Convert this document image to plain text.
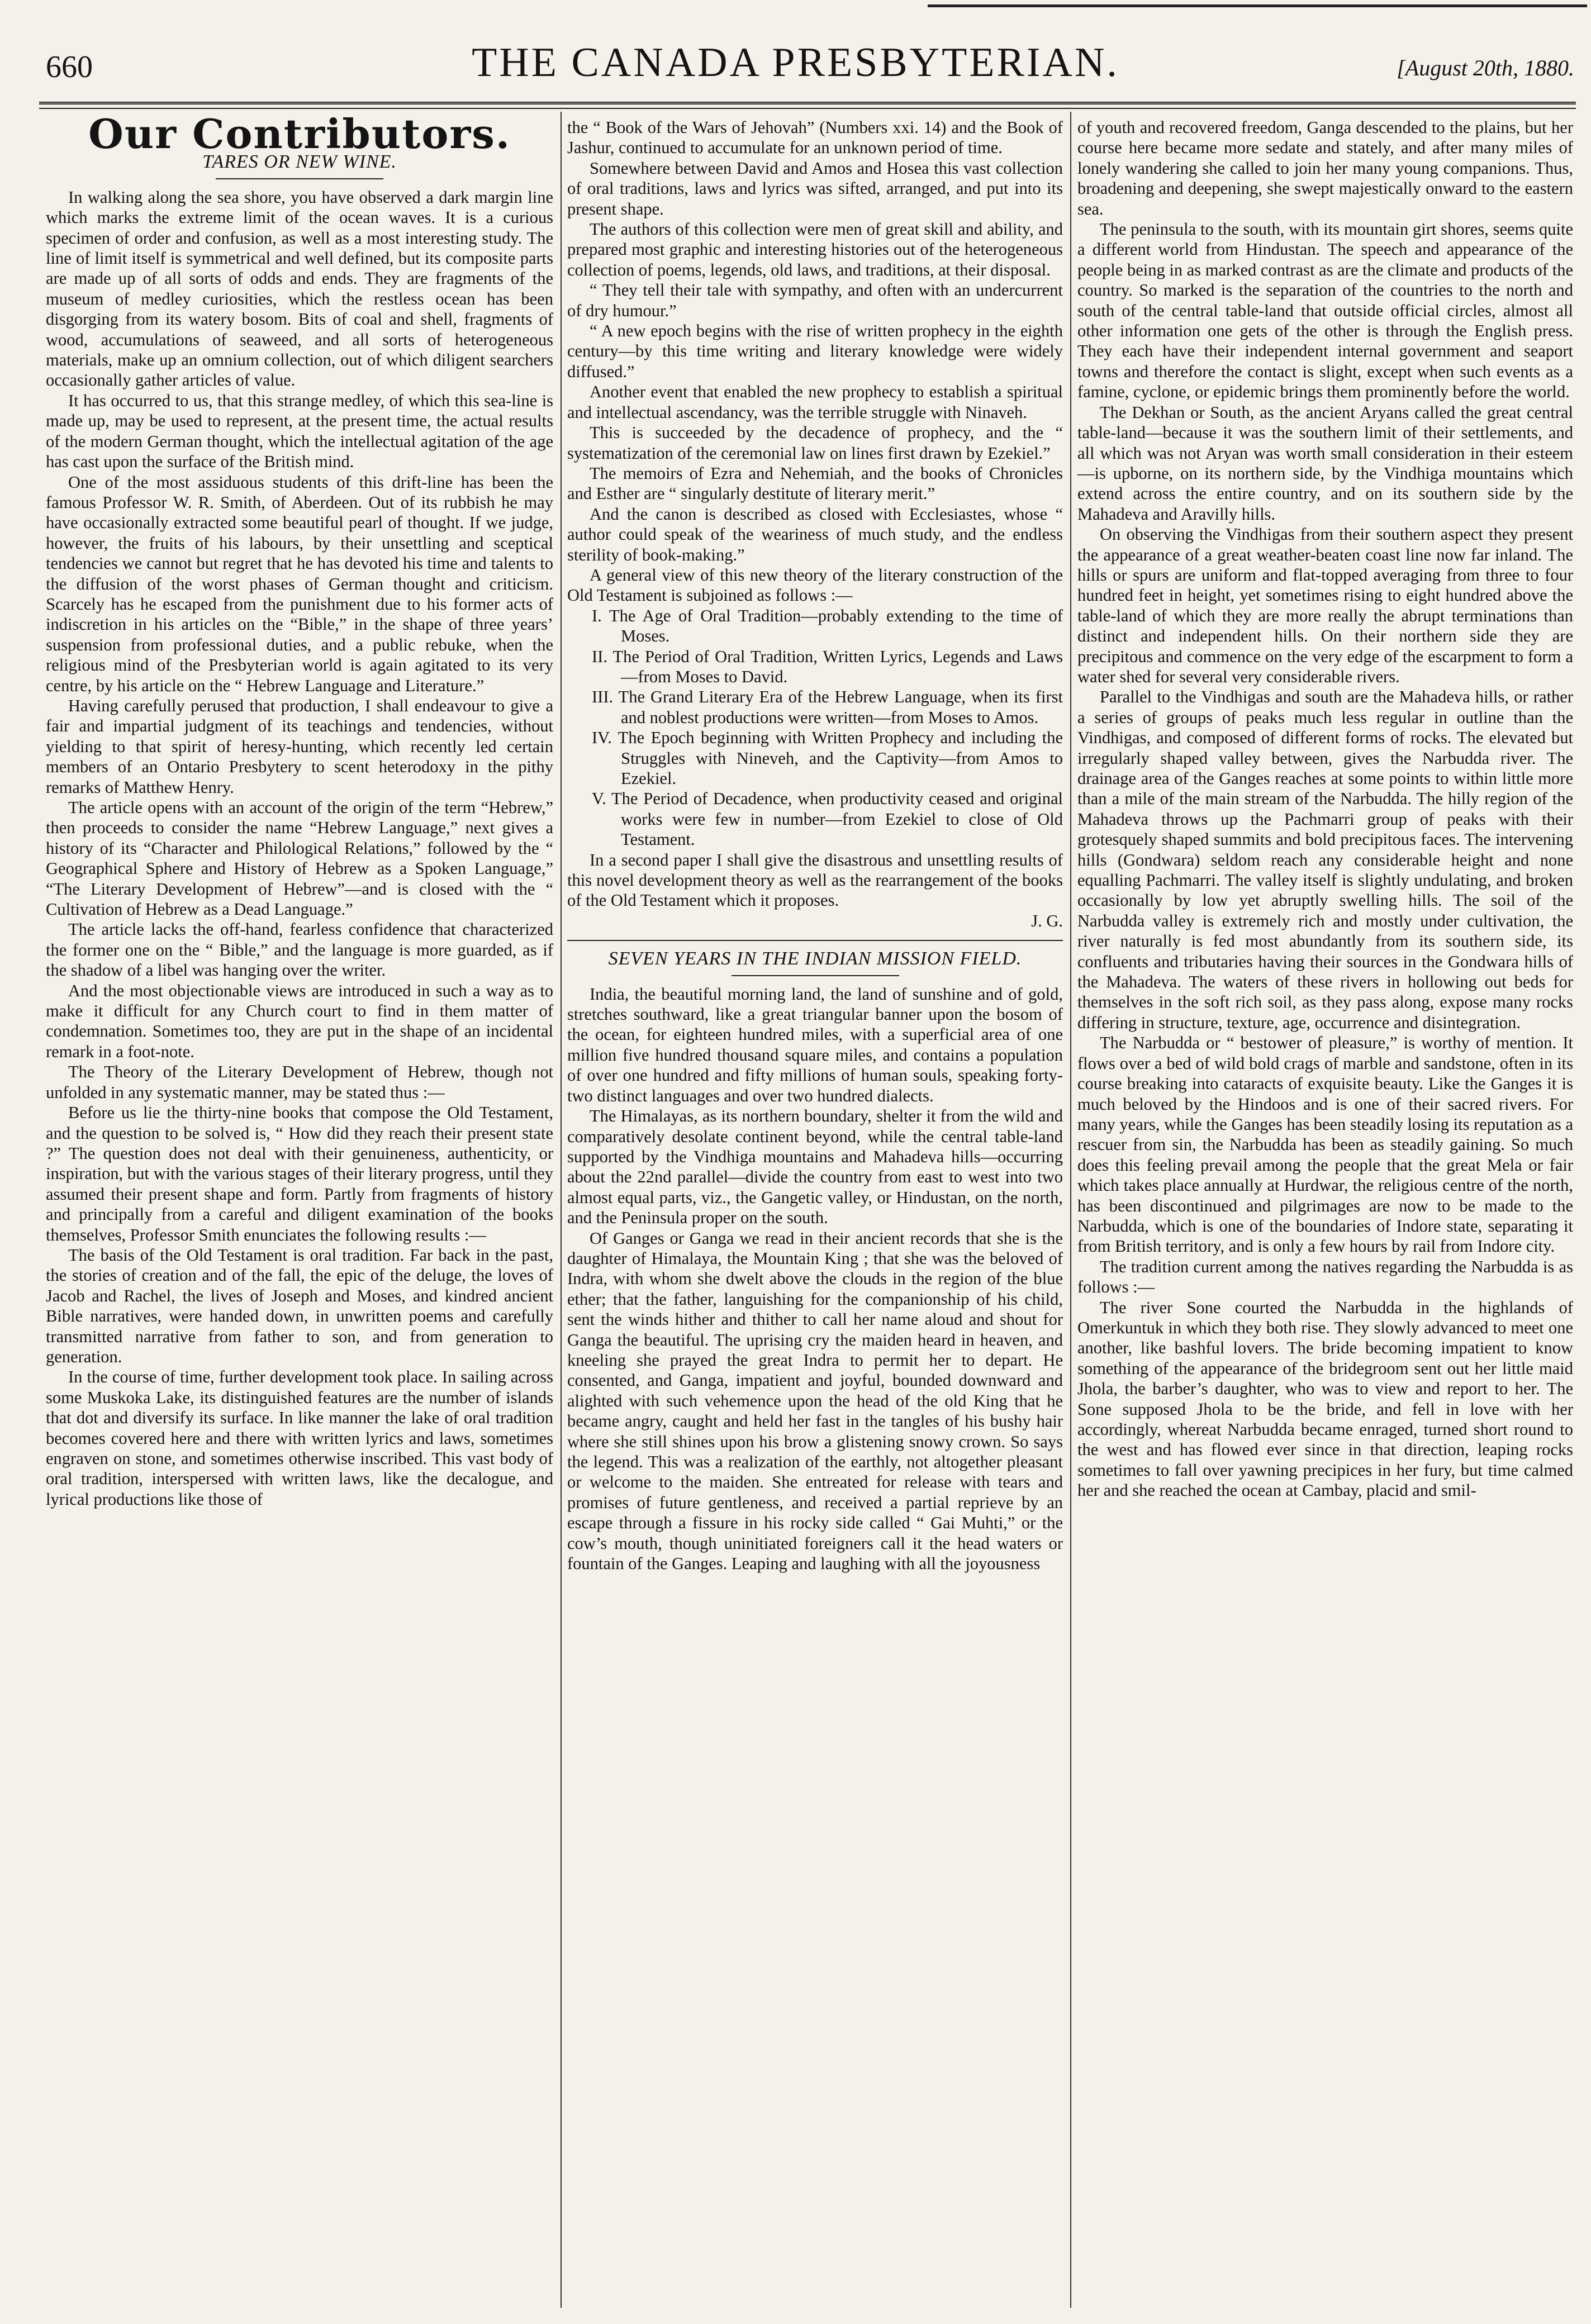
660	THE CANADA PRESBYTERIAN.	[August 20th, 1880.
Our Contributors.
TARES OR NEW WINE.

In walking along the sea shore, you have observed a dark margin line which marks the extreme limit of the ocean waves. It is a curious specimen of order and confusion, as well as a most interesting study. The line of limit itself is symmetrical and well defined, but its composite parts are made up of all sorts of odds and ends. They are fragments of the museum of medley curiosities, which the restless ocean has been disgorging from its watery bosom. Bits of coal and shell, fragments of wood, accumulations of seaweed, and all sorts of heterogeneous materials, make up an omnium collection, out of which diligent searchers occasionally gather articles of value.

It has occurred to us, that this strange medley, of which this sea-line is made up, may be used to represent, at the present time, the actual results of the modern German thought, which the intellectual agitation of the age has cast upon the surface of the British mind.

One of the most assiduous students of this drift-line has been the famous Professor W. R. Smith, of Aberdeen. Out of its rubbish he may have occasionally extracted some beautiful pearl of thought. If we judge, however, the fruits of his labours, by their unsettling and sceptical tendencies we cannot but regret that he has devoted his time and talents to the diffusion of the worst phases of German thought and criticism. Scarcely has he escaped from the punishment due to his former acts of indiscretion in his articles on the “Bible,” in the shape of three years’ suspension from professional duties, and a public rebuke, when the religious mind of the Presbyterian world is again agitated to its very centre, by his article on the “ Hebrew Language and Literature.”

Having carefully perused that production, I shall endeavour to give a fair and impartial judgment of its teachings and tendencies, without yielding to that spirit of heresy-hunting, which recently led certain members of an Ontario Presbytery to scent heterodoxy in the pithy remarks of Matthew Henry.

The article opens with an account of the origin of the term “Hebrew,” then proceeds to consider the name “Hebrew Language,” next gives a history of its “Character and Philological Relations,” followed by the “ Geographical Sphere and History of Hebrew as a Spoken Language,” “The Literary Development of Hebrew”—and is closed with the “ Cultivation of Hebrew as a Dead Language.”

The article lacks the off-hand, fearless confidence that characterized the former one on the “ Bible,” and the language is more guarded, as if the shadow of a libel was hanging over the writer.

And the most objectionable views are introduced in such a way as to make it difficult for any Church court to find in them matter of condemnation. Sometimes too, they are put in the shape of an incidental remark in a foot-note.

The Theory of the Literary Development of Hebrew, though not unfolded in any systematic manner, may be stated thus :—

Before us lie the thirty-nine books that compose the Old Testament, and the question to be solved is, “ How did they reach their present state ?” The question does not deal with their genuineness, authenticity, or inspiration, but with the various stages of their literary progress, until they assumed their present shape and form. Partly from fragments of history and principally from a careful and diligent examination of the books themselves, Professor Smith enunciates the following results :—

The basis of the Old Testament is oral tradition. Far back in the past, the stories of creation and of the fall, the epic of the deluge, the loves of Jacob and Rachel, the lives of Joseph and Moses, and kindred ancient Bible narratives, were handed down, in unwritten poems and carefully transmitted narrative from father to son, and from generation to generation.

In the course of time, further development took place. In sailing across some Muskoka Lake, its distinguished features are the number of islands that dot and diversify its surface. In like manner the lake of oral tradition becomes covered here and there with written lyrics and laws, sometimes engraven on stone, and sometimes otherwise inscribed. This vast body of oral tradition, interspersed with written laws, like the decalogue, and lyrical productions like those of

the “ Book of the Wars of Jehovah” (Numbers xxi. 14) and the Book of Jashur, continued to accumulate for an unknown period of time.

Somewhere between David and Amos and Hosea this vast collection of oral traditions, laws and lyrics was sifted, arranged, and put into its present shape.

The authors of this collection were men of great skill and ability, and prepared most graphic and interesting histories out of the heterogeneous collection of poems, legends, old laws, and traditions, at their disposal.

“ They tell their tale with sympathy, and often with an undercurrent of dry humour.”

“ A new epoch begins with the rise of written prophecy in the eighth century—by this time writing and literary knowledge were widely diffused.”

Another event that enabled the new prophecy to establish a spiritual and intellectual ascendancy, was the terrible struggle with Ninaveh.

This is succeeded by the decadence of prophecy, and the “ systematization of the ceremonial law on lines first drawn by Ezekiel.”

The memoirs of Ezra and Nehemiah, and the books of Chronicles and Esther are “ singularly destitute of literary merit.”

And the canon is described as closed with Ecclesiastes, whose “ author could speak of the weariness of much study, and the endless sterility of book-making.”

A general view of this new theory of the literary construction of the Old Testament is subjoined as follows :—

I. The Age of Oral Tradition—probably extending to the time of Moses.

II. The Period of Oral Tradition, Written Lyrics, Legends and Laws—from Moses to David.

III. The Grand Literary Era of the Hebrew Language, when its first and noblest productions were written—from Moses to Amos.

IV. The Epoch beginning with Written Prophecy and including the Struggles with Nineveh, and the Captivity—from Amos to Ezekiel.

V. The Period of Decadence, when productivity ceased and original works were few in number—from Ezekiel to close of Old Testament.

In a second paper I shall give the disastrous and unsettling results of this novel development theory as well as the rearrangement of the books of the Old Testament which it proposes.

J. G.

SEVEN YEARS IN THE INDIAN MISSION FIELD.

India, the beautiful morning land, the land of sunshine and of gold, stretches southward, like a great triangular banner upon the bosom of the ocean, for eighteen hundred miles, with a superficial area of one million five hundred thousand square miles, and contains a population of over one hundred and fifty millions of human souls, speaking forty-two distinct languages and over two hundred dialects.

The Himalayas, as its northern boundary, shelter it from the wild and comparatively desolate continent beyond, while the central table-land supported by the Vindhiga mountains and Mahadeva hills—occurring about the 22nd parallel—divide the country from east to west into two almost equal parts, viz., the Gangetic valley, or Hindustan, on the north, and the Peninsula proper on the south.

Of Ganges or Ganga we read in their ancient records that she is the daughter of Himalaya, the Mountain King ; that she was the beloved of Indra, with whom she dwelt above the clouds in the region of the blue ether; that the father, languishing for the companionship of his child, sent the winds hither and thither to call her name aloud and shout for Ganga the beautiful. The uprising cry the maiden heard in heaven, and kneeling she prayed the great Indra to permit her to depart. He consented, and Ganga, impatient and joyful, bounded downward and alighted with such vehemence upon the head of the old King that he became angry, caught and held her fast in the tangles of his bushy hair where she still shines upon his brow a glistening snowy crown. So says the legend. This was a realization of the earthly, not altogether pleasant or welcome to the maiden. She entreated for release with tears and promises of future gentleness, and received a partial reprieve by an escape through a fissure in his rocky side called “ Gai Muhti,” or the cow’s mouth, though uninitiated foreigners call it the head waters or fountain of the Ganges. Leaping and laughing with all the joyousness

of youth and recovered freedom, Ganga descended to the plains, but her course here became more sedate and stately, and after many miles of lonely wandering she called to join her many young companions. Thus, broadening and deepening, she swept majestically onward to the eastern sea.

The peninsula to the south, with its mountain girt shores, seems quite a different world from Hindustan. The speech and appearance of the people being in as marked contrast as are the climate and products of the country. So marked is the separation of the countries to the north and south of the central table-land that outside official circles, almost all other information one gets of the other is through the English press. They each have their independent internal government and seaport towns and therefore the contact is slight, except when such events as a famine, cyclone, or epidemic brings them prominently before the world.

The Dekhan or South, as the ancient Aryans called the great central table-land—because it was the southern limit of their settlements, and all which was not Aryan was worth small consideration in their esteem—is upborne, on its northern side, by the Vindhiga mountains which extend across the entire country, and on its southern side by the Mahadeva and Aravilly hills.

On observing the Vindhigas from their southern aspect they present the appearance of a great weather-beaten coast line now far inland. The hills or spurs are uniform and flat-topped averaging from three to four hundred feet in height, yet sometimes rising to eight hundred above the table-land of which they are more really the abrupt terminations than distinct and independent hills. On their northern side they are precipitous and commence on the very edge of the escarpment to form a water shed for several very considerable rivers.

Parallel to the Vindhigas and south are the Mahadeva hills, or rather a series of groups of peaks much less regular in outline than the Vindhigas, and composed of different forms of rocks. The elevated but irregularly shaped valley between, gives the Narbudda river. The drainage area of the Ganges reaches at some points to within little more than a mile of the main stream of the Narbudda. The hilly region of the Mahadeva throws up the Pachmarri group of peaks with their grotesquely shaped summits and bold precipitous faces. The intervening hills (Gondwara) seldom reach any considerable height and none equalling Pachmarri. The valley itself is slightly undulating, and broken occasionally by low yet abruptly swelling hills. The soil of the Narbudda valley is extremely rich and mostly under cultivation, the river naturally is fed most abundantly from its southern side, its confluents and tributaries having their sources in the Gondwara hills of the Mahadeva. The waters of these rivers in hollowing out beds for themselves in the soft rich soil, as they pass along, expose many rocks differing in structure, texture, age, occurrence and disintegration.

The Narbudda or “ bestower of pleasure,” is worthy of mention. It flows over a bed of wild bold crags of marble and sandstone, often in its course breaking into cataracts of exquisite beauty. Like the Ganges it is much beloved by the Hindoos and is one of their sacred rivers. For many years, while the Ganges has been steadily losing its reputation as a rescuer from sin, the Narbudda has been as steadily gaining. So much does this feeling prevail among the people that the great Mela or fair which takes place annually at Hurdwar, the religious centre of the north, has been discontinued and pilgrimages are now to be made to the Narbudda, which is one of the boundaries of Indore state, separating it from British territory, and is only a few hours by rail from Indore city.

The tradition current among the natives regarding the Narbudda is as follows :—

The river Sone courted the Narbudda in the highlands of Omerkuntuk in which they both rise. They slowly advanced to meet one another, like bashful lovers. The bride becoming impatient to know something of the appearance of the bridegroom sent out her little maid Jhola, the barber’s daughter, who was to view and report to her. The Sone supposed Jhola to be the bride, and fell in love with her accordingly, whereat Narbudda became enraged, turned short round to the west and has flowed ever since in that direction, leaping rocks sometimes to fall over yawning precipices in her fury, but time calmed her and she reached the ocean at Cambay, placid and smil-
